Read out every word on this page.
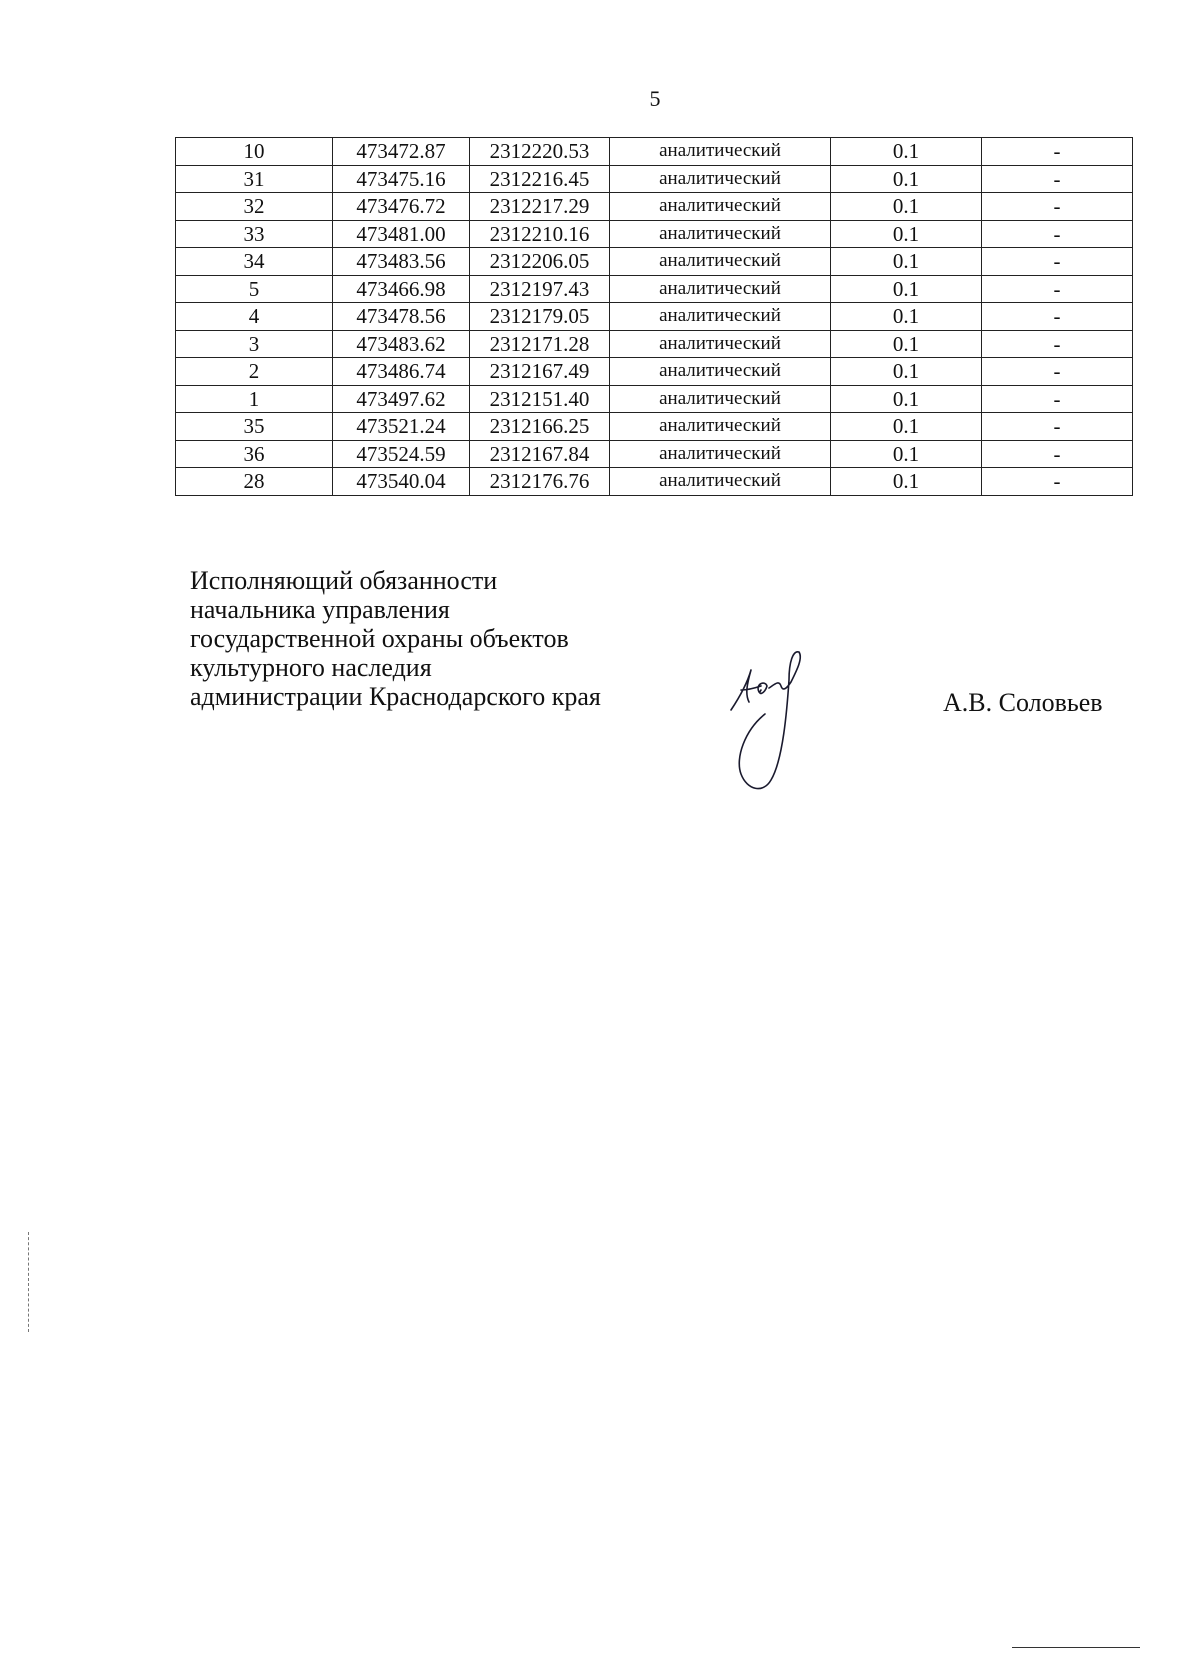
5
10	473472.87	2312220.53	аналитический	0.1	-
31	473475.16	2312216.45	аналитический	0.1	-
32	473476.72	2312217.29	аналитический	0.1	-
33	473481.00	2312210.16	аналитический	0.1	-
34	473483.56	2312206.05	аналитический	0.1	-
5	473466.98	2312197.43	аналитический	0.1	-
4	473478.56	2312179.05	аналитический	0.1	-
3	473483.62	2312171.28	аналитический	0.1	-
2	473486.74	2312167.49	аналитический	0.1	-
1	473497.62	2312151.40	аналитический	0.1	-
35	473521.24	2312166.25	аналитический	0.1	-
36	473524.59	2312167.84	аналитический	0.1	-
28	473540.04	2312176.76	аналитический	0.1	-
Исполняющий обязанности
начальника управления
государственной охраны объектов
культурного наследия
администрации Краснодарского края	А.В. Соловьев
